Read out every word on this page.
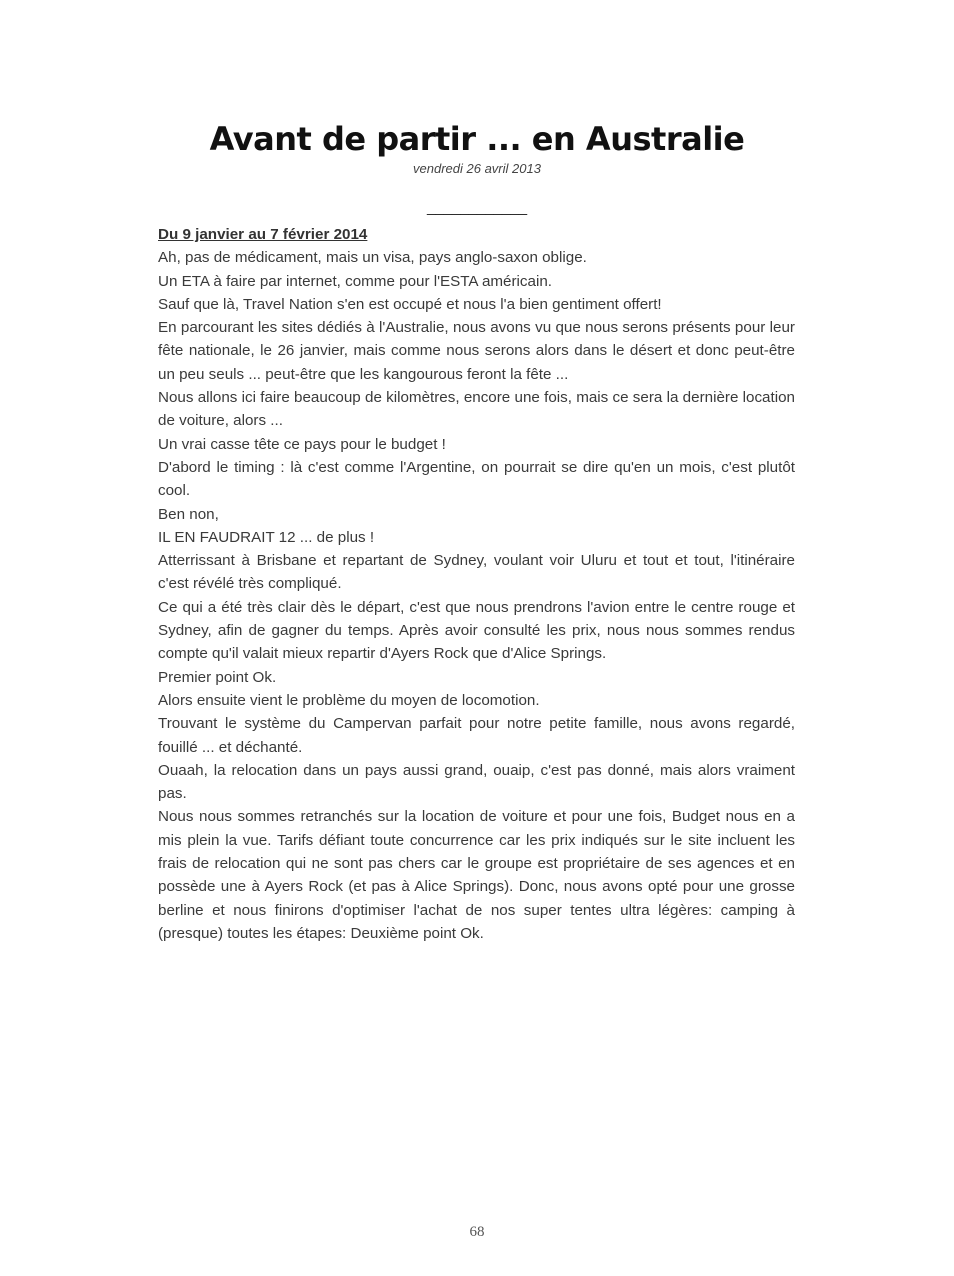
Avant de partir ... en Australie
vendredi 26 avril 2013
____________

Du 9 janvier au 7 février 2014

Ah, pas de médicament, mais un visa, pays anglo-saxon oblige.

Un ETA à faire par internet, comme pour l'ESTA américain.

Sauf que là, Travel Nation s'en est occupé et nous l'a bien gentiment offert!

En parcourant les sites dédiés à l'Australie, nous avons vu que nous serons présents pour leur fête nationale, le 26 janvier, mais comme nous serons alors dans le désert et donc peut-être un peu seuls ... peut-être que les kangourous feront la fête ...

Nous allons ici faire beaucoup de kilomètres, encore une fois, mais ce sera la dernière location de voiture, alors ...

Un vrai casse tête ce pays pour le budget !

D'abord le timing : là c'est comme l'Argentine, on pourrait se dire qu'en un mois, c'est plutôt cool.

Ben non,

IL EN FAUDRAIT 12 ... de plus !

Atterrissant à Brisbane et repartant de Sydney, voulant voir Uluru et tout et tout, l'itinéraire c'est révélé très compliqué.

Ce qui a été très clair dès le départ, c'est que nous prendrons l'avion entre le centre rouge et Sydney, afin de gagner du temps. Après avoir consulté les prix, nous nous sommes rendus compte qu'il valait mieux repartir d'Ayers Rock que d'Alice Springs.

Premier point Ok.

Alors ensuite vient le problème du moyen de locomotion.

Trouvant le système du Campervan parfait pour notre petite famille, nous avons regardé, fouillé ... et déchanté.

Ouaah, la relocation dans un pays aussi grand, ouaip, c'est pas donné, mais alors vraiment pas.

Nous nous sommes retranchés sur la location de voiture et pour une fois, Budget nous en a mis plein la vue. Tarifs défiant toute concurrence car les prix indiqués sur le site incluent les frais de relocation qui ne sont pas chers car le groupe est propriétaire de ses agences et en possède une à Ayers Rock (et pas à Alice Springs). Donc, nous avons opté pour une grosse berline et nous finirons d'optimiser l'achat de nos super tentes ultra légères: camping à (presque) toutes les étapes: Deuxième point Ok.

68
